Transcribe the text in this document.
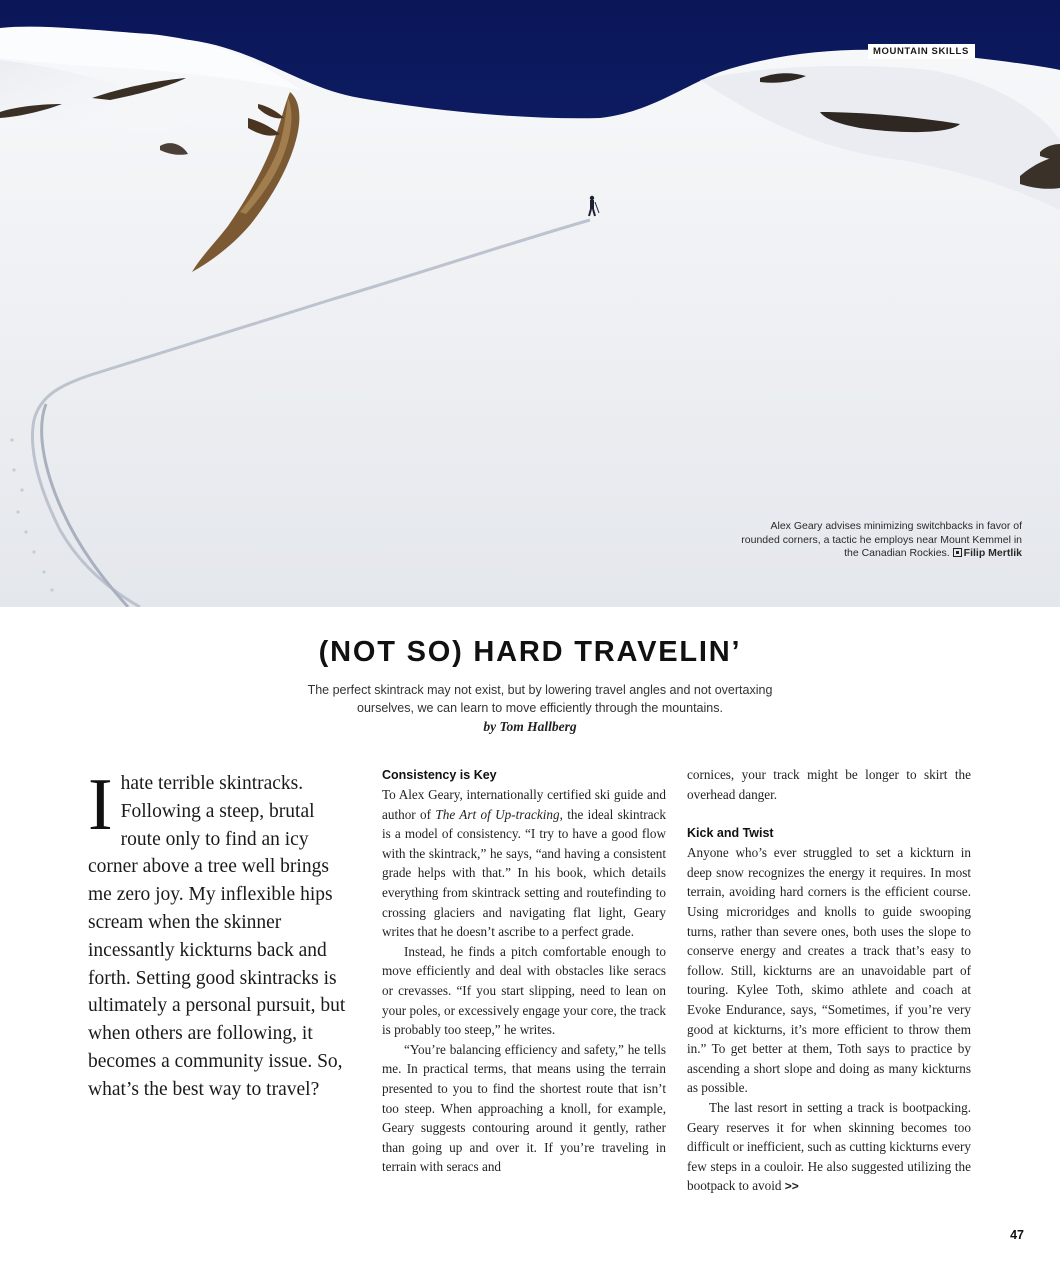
MOUNTAIN SKILLS
Alex Geary advises minimizing switchbacks in favor of rounded corners, a tactic he employs near Mount Kemmel in the Canadian Rockies. Filip Mertlik
(NOT SO) HARD TRAVELIN’

The perfect skintrack may not exist, but by lowering travel angles and not overtaxing ourselves, we can learn to move efficiently through the mountains.

by Tom Hallberg
I hate terrible skintracks. Following a steep, brutal route only to find an icy corner above a tree well brings me zero joy. My inflexible hips scream when the skinner incessantly kickturns back and forth. Setting good skintracks is ultimately a personal pursuit, but when others are following, it becomes a community issue. So, what’s the best way to travel?

Consistency is Key

To Alex Geary, internationally certified ski guide and author of The Art of Up-tracking, the ideal skintrack is a model of consistency. “I try to have a good flow with the skintrack,” he says, “and having a consistent grade helps with that.” In his book, which details everything from skintrack setting and routefinding to crossing glaciers and navigating flat light, Geary writes that he doesn’t ascribe to a perfect grade.

Instead, he finds a pitch comfortable enough to move efficiently and deal with obstacles like seracs or crevasses. “If you start slipping, need to lean on your poles, or excessively engage your core, the track is probably too steep,” he writes.

“You’re balancing efficiency and safety,” he tells me. In practical terms, that means using the terrain presented to you to find the shortest route that isn’t too steep. When approaching a knoll, for example, Geary suggests contouring around it gently, rather than going up and over it. If you’re traveling in terrain with seracs and

cornices, your track might be longer to skirt the overhead danger.

Kick and Twist

Anyone who’s ever struggled to set a kickturn in deep snow recognizes the energy it requires. In most terrain, avoiding hard corners is the efficient course. Using microridges and knolls to guide swooping turns, rather than severe ones, both uses the slope to conserve energy and creates a track that’s easy to follow. Still, kickturns are an unavoidable part of touring. Kylee Toth, skimo athlete and coach at Evoke Endurance, says, “Sometimes, if you’re very good at kickturns, it’s more efficient to throw them in.” To get better at them, Toth says to practice by ascending a short slope and doing as many kickturns as possible.

The last resort in setting a track is bootpacking. Geary reserves it for when skinning becomes too difficult or inefficient, such as cutting kickturns every few steps in a couloir. He also suggested utilizing the bootpack to avoid >>

47
